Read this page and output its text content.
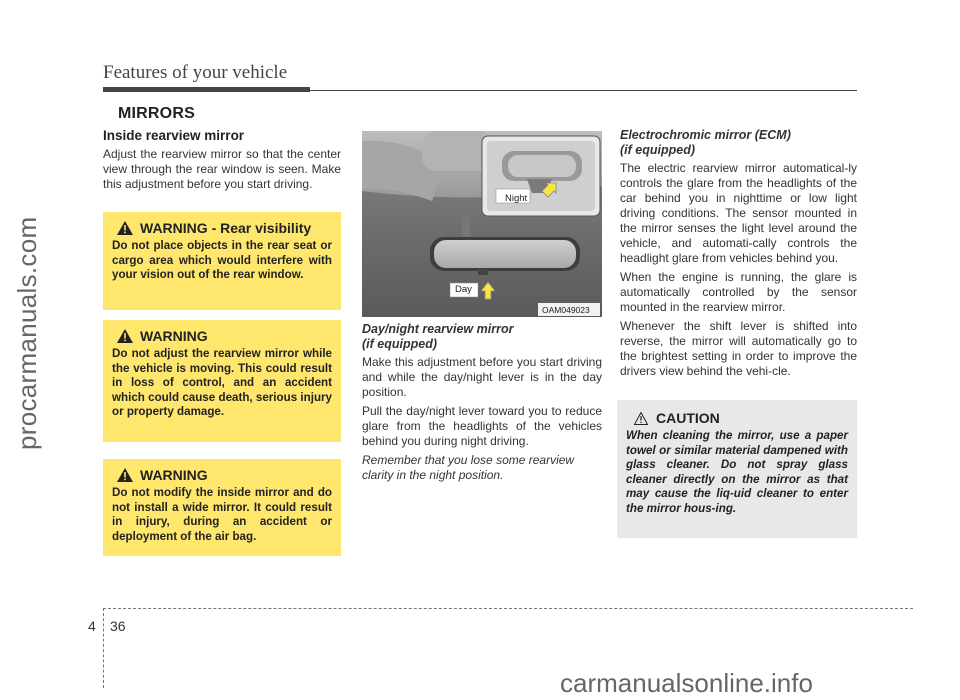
Features of your vehicle
MIRRORS
Inside rearview mirror
Adjust the rearview mirror so that the center view through the rear window is seen. Make this adjustment before you start driving.
WARNING
- Rear visibility
Do not place objects in the rear seat or cargo area which would interfere with your vision out of the rear window.
WARNING
Do not adjust the rearview mirror while the vehicle is moving. This could result in loss of control, and an accident which could cause death, serious injury or property damage.
WARNING
Do not modify the inside mirror and do not install a wide mirror. It could result in injury, during an accident or deployment of the air bag.
Night
Day
OAM049023
Day/night rearview mirror
(if equipped)
Make this adjustment before you start driving and while the day/night lever is in the day position.
Pull the day/night lever toward you to reduce glare from the headlights of the vehicles behind you during night driving.
Remember that you lose some rearview clarity in the night position.
Electrochromic mirror (ECM)
(if equipped)
The electric rearview mirror automatical-ly controls the glare from the headlights of the car behind you in nighttime or low light driving conditions. The sensor mounted in the mirror senses the light level around the vehicle, and automati-cally controls the headlight glare from vehicles behind you.
When the engine is running, the glare is automatically controlled by the sensor mounted in the rearview mirror.
Whenever the shift lever is shifted into reverse, the mirror will automatically go to the brightest setting in order to improve the drivers view behind the vehi-cle.
CAUTION
When cleaning the mirror, use a paper towel or similar material dampened with glass cleaner. Do not spray glass cleaner directly on the mirror as that may cause the liq-uid cleaner to enter the mirror hous-ing.
4 36
procarmanuals.com
carmanualsonline.info
